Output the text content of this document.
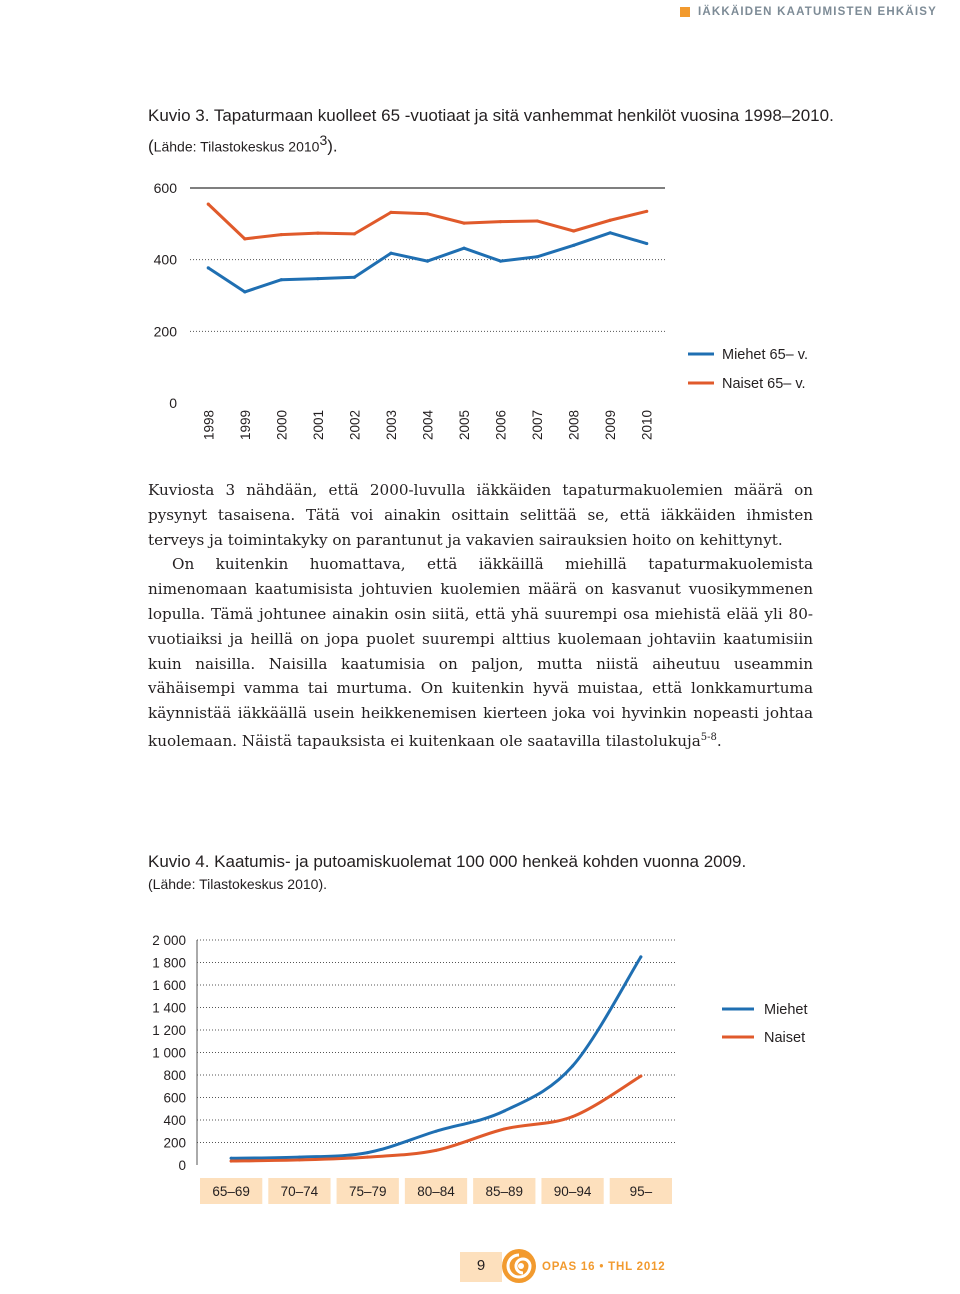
IÄKKÄIDEN KAATUMISTEN EHKÄISY
Kuvio 3. Tapaturmaan kuolleet 65 -vuotiaat ja sitä vanhemmat henkilöt vuosina 1998–2010. (Lähde: Tilastokeskus 2010$^3$).
0
200
400
600
1998 1999 2000 2001 2002 2003 2004 2005 2006 2007 2008 2009 2010
Miehet 65– v.
Naiset 65– v.

Kuviosta 3 nähdään, että 2000-luvulla iäkkäiden tapaturmakuolemien määrä on pysynyt tasaisena. Tätä voi ainakin osittain selittää se, että iäkkäiden ihmisten terveys ja toimintakyky on parantunut ja vakavien sairauksien hoito on kehittynyt.

On kuitenkin huomattava, että iäkkäillä miehillä tapaturmakuolemista nimenomaan kaatumisista johtuvien kuolemien määrä on kasvanut vuosikymmenen lopulla. Tämä johtunee ainakin osin siitä, että yhä suurempi osa miehistä elää yli 80-vuotiaiksi ja heillä on jopa puolet suurempi alttius kuolemaan johtaviin kaatumisiin kuin naisilla. Naisilla kaatumisia on paljon, mutta niistä aiheutuu useammin vähäisempi vamma tai murtuma. On kuitenkin hyvä muistaa, että lonkkamurtuma käynnistää iäkkäällä usein heikkenemisen kierteen joka voi hyvinkin nopeasti johtaa kuolemaan. Näistä tapauksista ei kuitenkaan ole saatavilla tilastolukuja$^{5-8}$.

Kuvio 4. Kaatumis- ja putoamiskuolemat 100 000 henkeä kohden vuonna 2009.
(Lähde: Tilastokeskus 2010).
0
200
400
600
800
1 000
1 200
1 400
1 600
1 800
2 000
65–69 70–74 75–79 80–84 85–89 90–94	95–
Miehet
Naiset
9	OPAS 16 • THL 2012
